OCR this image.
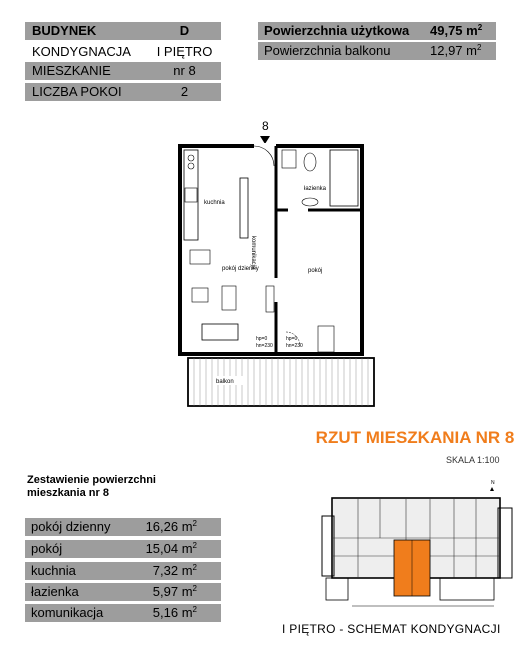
BUDYNEK	D
KONDYGNACJA	I PIĘTRO
MIESZKANIE	nr 8
LICZBA POKOI	2
Powierzchnia użytkowa	49,75 $m^2$
Powierzchnia balkonu	12,97 $m^2$
8
kuchnia
komunikacja
łazienka
pokój dzienny	pokój
hp=0
hn=230
hp=0
hn=230
balkon
RZUT MIESZKANIA NR 8
SKALA 1:100
Zestawienie powierzchni
mieszkania nr 8
pokój dzienny	16,26 $m^2$
pokój	15,04 $m^2$
kuchnia	7,32 $m^2$
łazienka	5,97 $m^2$
komunikacja	5,16 $m^2$
N
I PIĘTRO - SCHEMAT KONDYGNACJI
